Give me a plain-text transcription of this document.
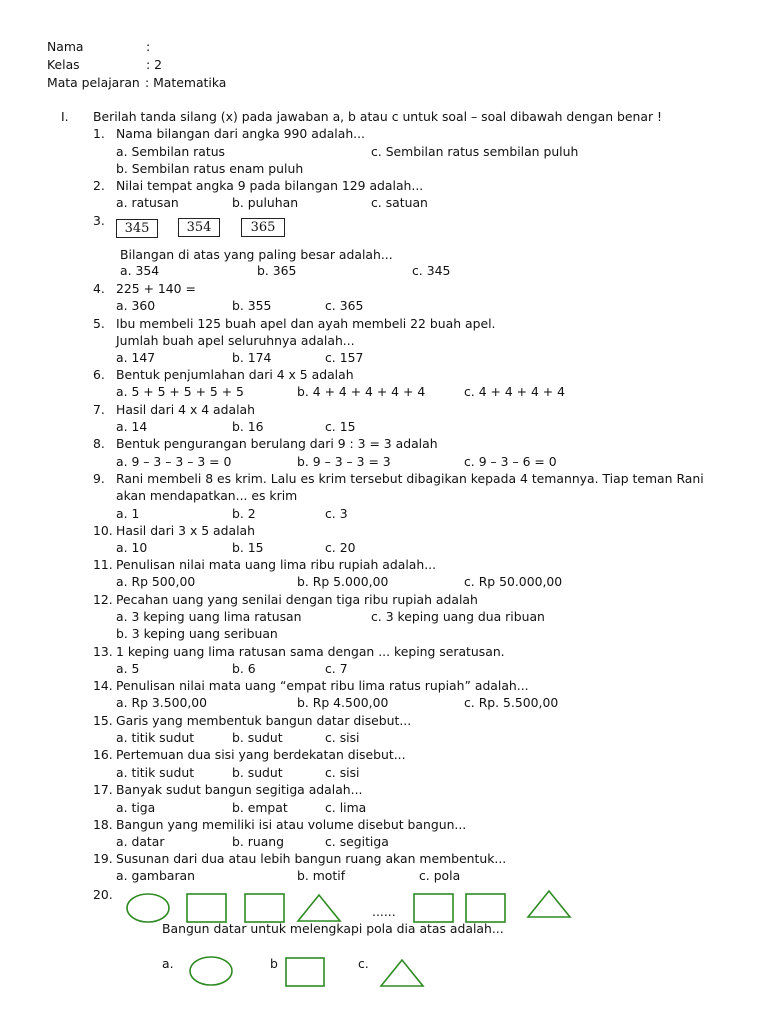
Nama	:
Kelas	: 2
Mata pelajaran : Matematika
I. Berilah tanda silang (x) pada jawaban a, b atau c untuk soal – soal dibawah dengan benar !
1. Nama bilangan dari angka 990 adalah...
a. Sembilan ratus	c. Sembilan ratus sembilan puluh
b. Sembilan ratus enam puluh
2. Nilai tempat angka 9 pada bilangan 129 adalah...
a. ratusan	b. puluhan	c. satuan
3.
345	354	365
Bilangan di atas yang paling besar adalah...
a. 354	b. 365	c. 345
4. 225 + 140 =
a. 360	b. 355	c. 365
5. Ibu membeli 125 buah apel dan ayah membeli 22 buah apel.
Jumlah buah apel seluruhnya adalah...
a. 147	b. 174	c. 157
6. Bentuk penjumlahan dari 4 x 5 adalah
a. 5 + 5 + 5 + 5 + 5	b. 4 + 4 + 4 + 4 + 4	c. 4 + 4 + 4 + 4
7. Hasil dari 4 x 4 adalah
a. 14	b. 16	c. 15
8. Bentuk pengurangan berulang dari 9 : 3 = 3 adalah
a. 9 – 3 – 3 – 3 = 0	b. 9 – 3 – 3 = 3	c. 9 – 3 – 6 = 0
9. Rani membeli 8 es krim. Lalu es krim tersebut dibagikan kepada 4 temannya. Tiap teman Rani
akan mendapatkan... es krim
a. 1	b. 2	c. 3
10. Hasil dari 3 x 5 adalah
a. 10	b. 15	c. 20
11. Penulisan nilai mata uang lima ribu rupiah adalah...
a. Rp 500,00	b. Rp 5.000,00	c. Rp 50.000,00
12. Pecahan uang yang senilai dengan tiga ribu rupiah adalah
a. 3 keping uang lima ratusan	c. 3 keping uang dua ribuan
b. 3 keping uang seribuan
13. 1 keping uang lima ratusan sama dengan ... keping seratusan.
a. 5	b. 6	c. 7
14. Penulisan nilai mata uang “empat ribu lima ratus rupiah” adalah...
a. Rp 3.500,00	b. Rp 4.500,00	c. Rp. 5.500,00
15. Garis yang membentuk bangun datar disebut...
a. titik sudut	b. sudut	c. sisi
16. Pertemuan dua sisi yang berdekatan disebut...
a. titik sudut	b. sudut	c. sisi
17. Banyak sudut bangun segitiga adalah...
a. tiga	b. empat	c. lima
18. Bangun yang memiliki isi atau volume disebut bangun...
a. datar	b. ruang	c. segitiga
19. Susunan dari dua atau lebih bangun ruang akan membentuk...
a. gambaran	b. motif	c. pola
20.
......
Bangun datar untuk melengkapi pola dia atas adalah...
a.	b	c.
